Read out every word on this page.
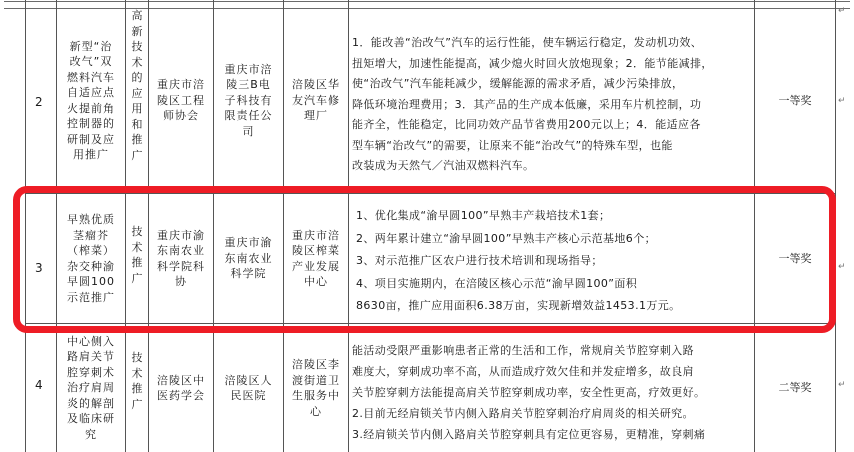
2
新型“治
改气”双
燃料汽车
自适应点
火提前角
控制器的
研制及应
用推广
高新技术的应用和推广
重庆市涪
陵区工程
师协会
重庆市涪
陵三B电
子科技有
限责任公
司
涪陵区华
友汽车修
理厂
1．能改善“治改气”汽车的运行性能，使车辆运行稳定，发动机功效、
扭矩增大，加速性能提高，减少熄火时回火放炮现象；2．能节能减排，
使“治改气”汽车能耗减少，缓解能源的需求矛盾，减少污染排放，
降低环境治理费用；3．其产品的生产成本低廉，采用车片机控制，功
能齐全，性能稳定，比同功效产品节省费用200元以上；4．能适应各
型车辆“治改气”的需要，让原来不能“治改气”的特殊车型，也能
改装成为天然气／汽油双燃料汽车。
一等奖
3
早熟优质
茎瘤芥
（榨菜）
杂交种渝
早圆100
示范推广
技术推广
重庆市渝
东南农业
科学院科
协
重庆市渝
东南农业
科学院
重庆市涪
陵区榨菜
产业发展
中心
1、优化集成“渝早圆100”早熟丰产栽培技术1套；
2、两年累计建立“渝早圆100”早熟丰产核心示范基地6个；
3、对示范推广区农户进行技术培训和现场指导；
4、项目实施期内，在涪陵区核心示范“渝早圆100”面积
8630亩，推广应用面积6.38万亩，实现新增效益1453.1万元。
一等奖
4
中心侧入
路肩关节
腔穿刺术
治疗肩周
炎的解剖
及临床研
究
技术推广
涪陵区中
医药学会
涪陵区人
民医院
涪陵区李
渡街道卫
生服务中
心
能活动受限严重影响患者正常的生活和工作，常规肩关节腔穿刺入路
难度大，穿刺成功率不高，从而造成疗效欠佳和并发症增多，故良肩
关节腔穿刺方法能提高肩关节腔穿刺成功率，安全性更高，疗效更好。
2.目前无经肩锁关节内侧入路肩关节腔穿刺治疗肩周炎的相关研究。
3.经肩锁关节内侧入路肩关节腔穿刺具有定位更容易，更精准，穿刺痛
二等奖
↵
↵
↵
↵
